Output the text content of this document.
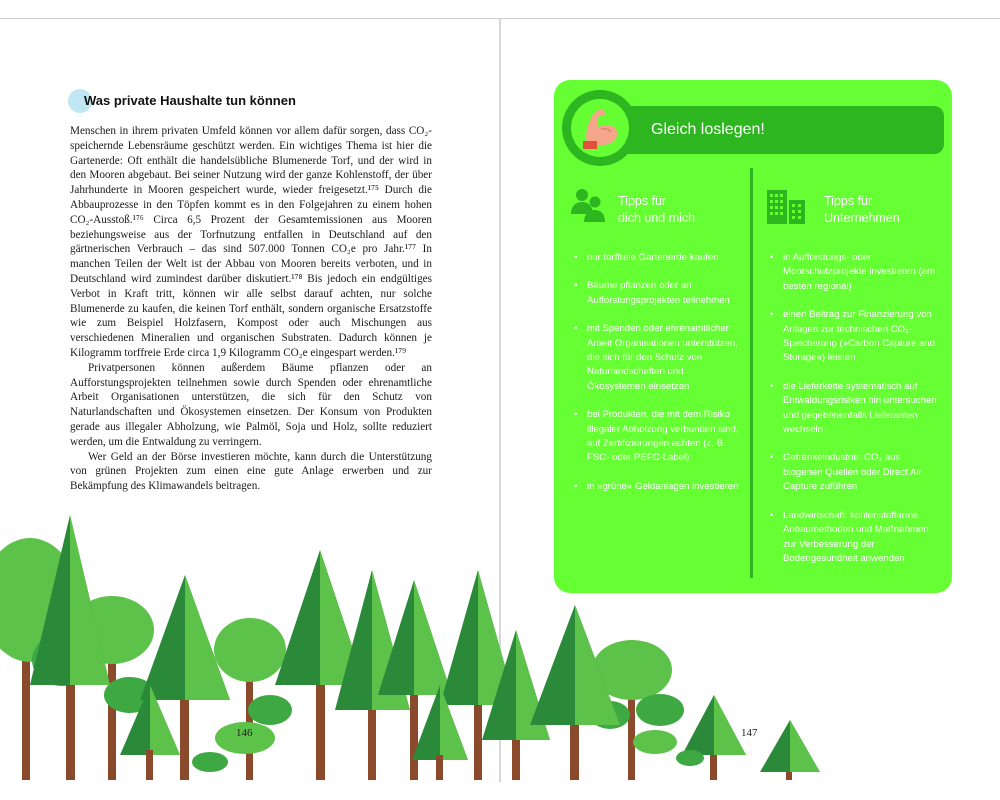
Was private Haushalte tun können

Menschen in ihrem privaten Umfeld können vor allem dafür sorgen, dass CO₂-speichernde Lebensräume geschützt werden. Ein wichtiges Thema ist hier die Gartenerde: Oft enthält die handelsübliche Blumenerde Torf, und der wird in den Mooren abgebaut. Bei seiner Nutzung wird der ganze Kohlenstoff, der über Jahrhunderte in Mooren gespeichert wurde, wieder freigesetzt.¹⁷⁵ Durch die Abbauprozesse in den Töpfen kommt es in den Folgejahren zu einem hohen CO₂-Ausstoß.¹⁷⁶ Circa 6,5 Prozent der Gesamtemissionen aus Mooren beziehungsweise aus der Torfnutzung entfallen in Deutschland auf den gärtnerischen Verbrauch – das sind 507.000 Tonnen CO₂e pro Jahr.¹⁷⁷ In manchen Teilen der Welt ist der Abbau von Mooren bereits verboten, und in Deutschland wird zumindest darüber diskutiert.¹⁷⁸ Bis jedoch ein endgültiges Verbot in Kraft tritt, können wir alle selbst darauf achten, nur solche Blumenerde zu kaufen, die keinen Torf enthält, sondern organische Ersatzstoffe wie zum Beispiel Holzfasern, Kompost oder auch Mischungen aus verschiedenen Mineralien und organischen Substraten. Dadurch können je Kilogramm torffreie Erde circa 1,9 Kilogramm CO₂e eingespart werden.¹⁷⁹

Privatpersonen können außerdem Bäume pflanzen oder an Aufforstungsprojekten teilnehmen sowie durch Spenden oder ehrenamtliche Arbeit Organisationen unterstützen, die sich für den Schutz von Naturlandschaften und Ökosystemen einsetzen. Der Konsum von Produkten gerade aus illegaler Abholzung, wie Palmöl, Soja und Holz, sollte reduziert werden, um die Entwaldung zu verringern.

Wer Geld an der Börse investieren möchte, kann durch die Unterstützung von grünen Projekten zum einen eine gute Anlage erwerben und zur Bekämpfung des Klimawandels beitragen.

146	147
Gleich loslegen!
Tipps für
dich und mich
Tipps für
Unternehmen
• nur torffreie Gartenerde kaufen
• Bäume pflanzen oder an Aufforstungsprojekten teilnehmen
• mit Spenden oder ehrenamtlicher Arbeit Organisationen unterstützen, die sich für den Schutz von Naturlandschaften und Ökosystemen einsetzen
• bei Produkten, die mit dem Risiko illegaler Abholzung verbunden sind, auf Zertifizierungen achten (z. B. FSC- oder PEFC-Label)
• in »grüne« Geldanlagen investieren
• in Aufforstungs- oder Moorschutzprojekte investieren (am besten regional)
• einen Beitrag zur Finanzierung von Anlagen zur technischen CO₂-Speicherung (»Carbon Capture and Storage«) leisten
• die Lieferkette systematisch auf Entwaldungsrisiken hin untersuchen und gegebenenfalls Lieferanten wechseln
• Getränkeindustrie: CO₂ aus biogenen Quellen oder Direct Air Capture zuführen
• Landwirtschaft: kohlenstoffarme Anbaumethoden und Maßnahmen zur Verbesserung der Bodengesundheit anwenden
